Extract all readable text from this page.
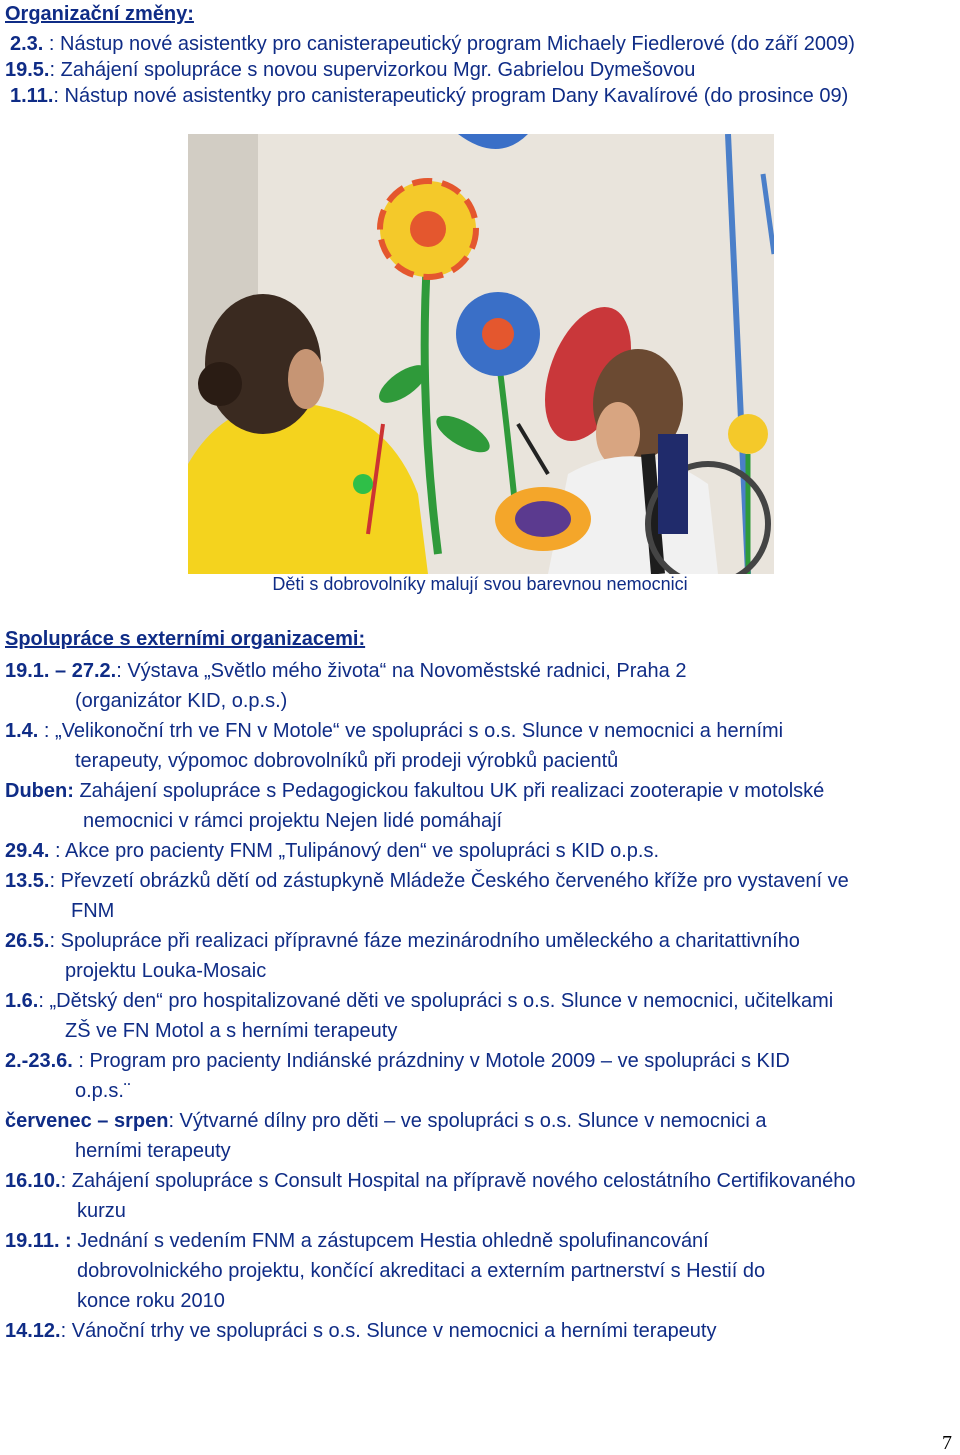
Organizační změny:
2.3. : Nástup nové asistentky pro canisterapeutický program Michaely Fiedlerové (do září 2009)
19.5.: Zahájení spolupráce s novou supervizorkou Mgr. Gabrielou Dymešovou
1.11.: Nástup nové asistentky pro canisterapeutický program Dany Kavalírové (do prosince 09)
Děti s dobrovolníky malují svou barevnou nemocnici
Spolupráce s externími organizacemi:
19.1. – 27.2.: Výstava „Světlo mého života“ na Novoměstské radnici, Praha 2
(organizátor KID, o.p.s.)
1.4. : „Velikonoční trh ve FN v Motole“ ve spolupráci s o.s. Slunce v nemocnici a herními
terapeuty, výpomoc dobrovolníků při prodeji výrobků pacientů
Duben: Zahájení spolupráce s Pedagogickou fakultou UK při realizaci zooterapie v motolské
nemocnici v rámci projektu Nejen lidé pomáhají
29.4. : Akce pro pacienty FNM „Tulipánový den“ ve spolupráci s KID o.p.s.
13.5.: Převzetí obrázků dětí od zástupkyně Mládeže Českého červeného kříže pro vystavení ve
FNM
26.5.: Spolupráce při realizaci přípravné fáze mezinárodního uměleckého a charitattivního
projektu Louka-Mosaic
1.6.: „Dětský den“ pro hospitalizované děti ve spolupráci s o.s. Slunce v nemocnici, učitelkami
ZŠ ve FN Motol a s herními terapeuty
2.-23.6. : Program pro pacienty Indiánské prázdniny v Motole 2009 – ve spolupráci s KID
o.p.s.¨
červenec – srpen: Výtvarné dílny pro děti – ve spolupráci s o.s. Slunce v nemocnici a
herními terapeuty
16.10.: Zahájení spolupráce s Consult Hospital na přípravě nového celostátního Certifikovaného
kurzu
19.11. : Jednání s vedením FNM a zástupcem Hestia ohledně spolufinancování
dobrovolnického projektu, končící akreditaci a externím partnerství s Hestií do
konce roku 2010
14.12.: Vánoční trhy ve spolupráci s o.s. Slunce v nemocnici a herními terapeuty
7
